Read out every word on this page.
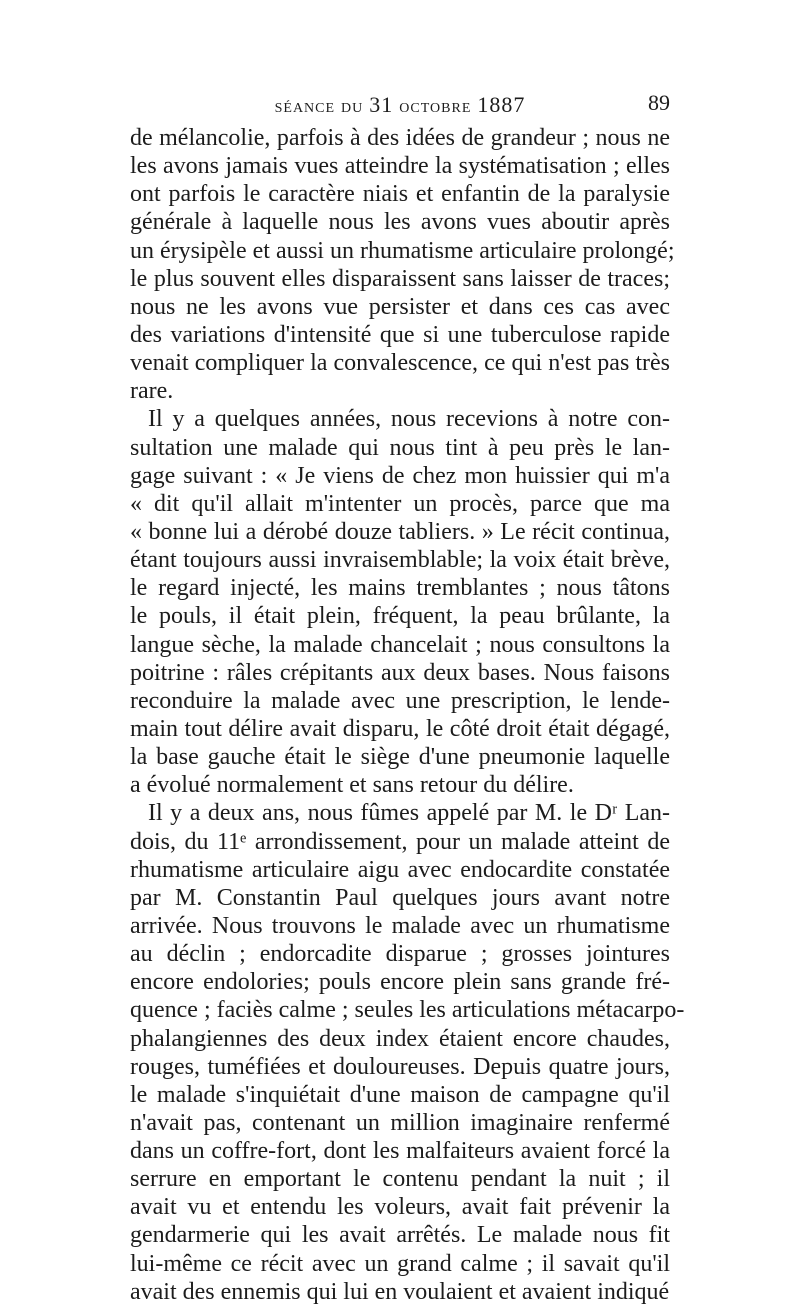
séance du 31 octobre 1887	89
de mélancolie, parfois à des idées de grandeur ; nous ne
les avons jamais vues atteindre la systématisation ; elles
ont parfois le caractère niais et enfantin de la paralysie
générale à laquelle nous les avons vues aboutir après
un érysipèle et aussi un rhumatisme articulaire prolongé;
le plus souvent elles disparaissent sans laisser de traces;
nous ne les avons vue persister et dans ces cas avec
des variations d'intensité que si une tuberculose rapide
venait compliquer la convalescence, ce qui n'est pas très
rare.
Il y a quelques années, nous recevions à notre con-
sultation une malade qui nous tint à peu près le lan-
gage suivant : « Je viens de chez mon huissier qui m'a
« dit qu'il allait m'intenter un procès, parce que ma
« bonne lui a dérobé douze tabliers. » Le récit continua,
étant toujours aussi invraisemblable; la voix était brève,
le regard injecté, les mains tremblantes ; nous tâtons
le pouls, il était plein, fréquent, la peau brûlante, la
langue sèche, la malade chancelait ; nous consultons la
poitrine : râles crépitants aux deux bases. Nous faisons
reconduire la malade avec une prescription, le lende-
main tout délire avait disparu, le côté droit était dégagé,
la base gauche était le siège d'une pneumonie laquelle
a évolué normalement et sans retour du délire.
Il y a deux ans, nous fûmes appelé par M. le Dʳ Lan-
dois, du 11ᵉ arrondissement, pour un malade atteint de
rhumatisme articulaire aigu avec endocardite constatée
par M. Constantin Paul quelques jours avant notre
arrivée. Nous trouvons le malade avec un rhumatisme
au déclin ; endorcadite disparue ; grosses jointures
encore endolories; pouls encore plein sans grande fré-
quence ; faciès calme ; seules les articulations métacarpo-
phalangiennes des deux index étaient encore chaudes,
rouges, tuméfiées et douloureuses. Depuis quatre jours,
le malade s'inquiétait d'une maison de campagne qu'il
n'avait pas, contenant un million imaginaire renfermé
dans un coffre-fort, dont les malfaiteurs avaient forcé la
serrure en emportant le contenu pendant la nuit ; il
avait vu et entendu les voleurs, avait fait prévenir la
gendarmerie qui les avait arrêtés. Le malade nous fit
lui-même ce récit avec un grand calme ; il savait qu'il
avait des ennemis qui lui en voulaient et avaient indiqué
